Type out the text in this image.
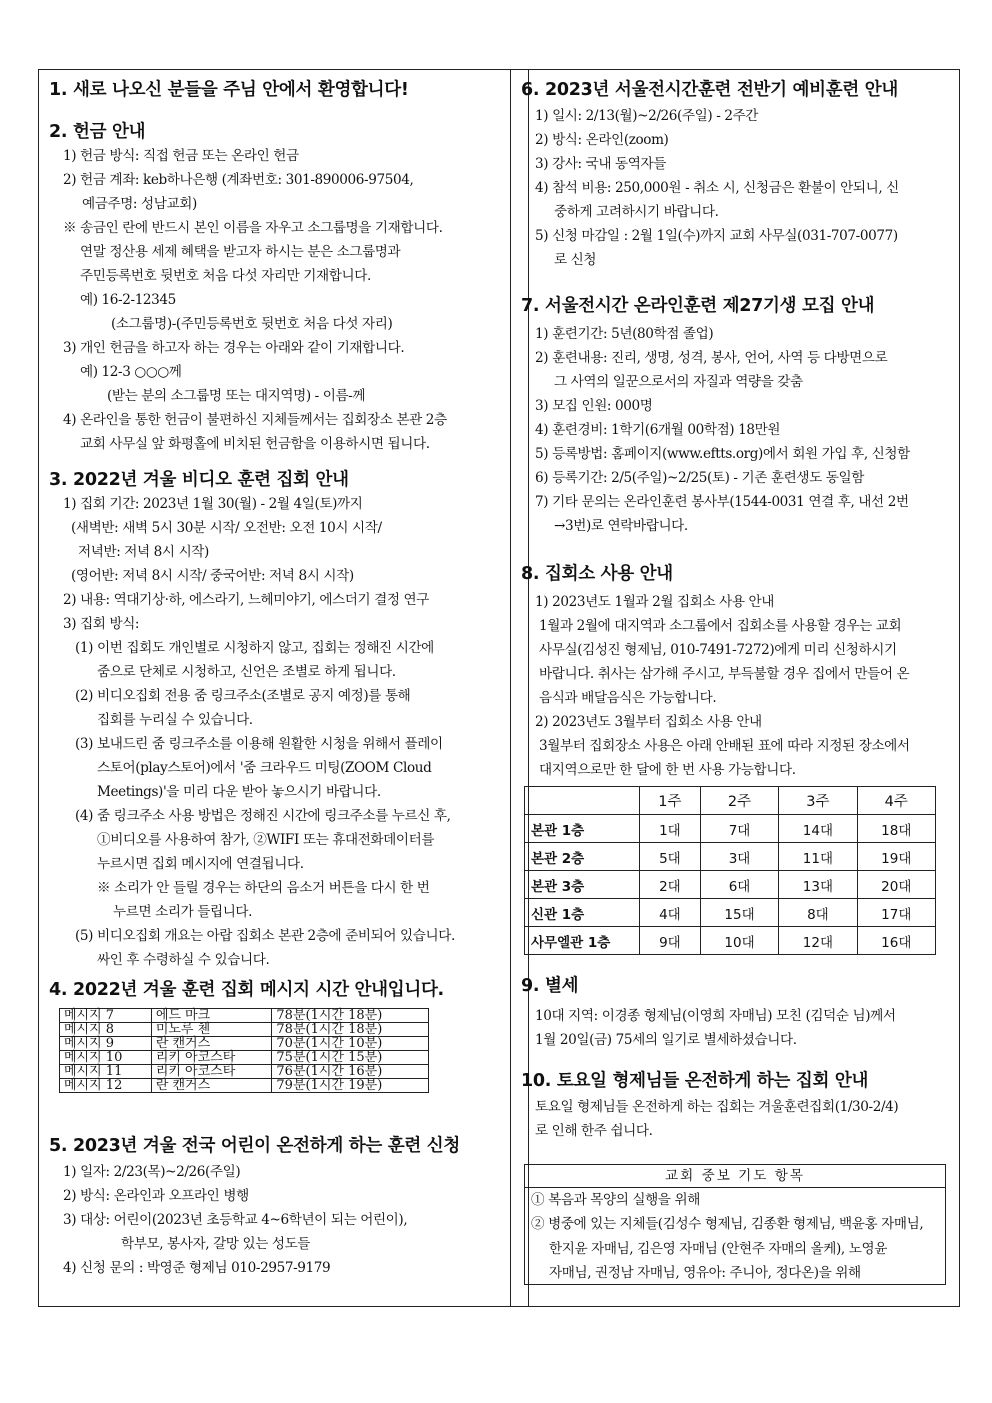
1. 새로 나오신 분들을 주님 안에서 환영합니다!
2. 헌금 안내
1) 헌금 방식: 직접 헌금 또는 온라인 헌금
2) 헌금 계좌: keb하나은행 (계좌번호: 301-890006-97504,
예금주명: 성남교회)
※ 송금인 란에 반드시 본인 이름을 자우고 소그룹명을 기재합니다.
연말 정산용 세제 혜택을 받고자 하시는 분은 소그룹명과
주민등록번호 뒷번호 처음 다섯 자리만 기재합니다.
예) 16-2-12345
(소그룹명)-(주민등록번호 뒷번호 처음 다섯 자리)
3) 개인 헌금을 하고자 하는 경우는 아래와 같이 기재합니다.
예) 12-3 ○○○께
(받는 분의 소그룹명 또는 대지역명) - 이름-께
4) 온라인을 통한 헌금이 불편하신 지체들께서는 집회장소 본관 2층
교회 사무실 앞 화평홀에 비치된 헌금함을 이용하시면 됩니다.
3. 2022년 겨울 비디오 훈련 집회 안내
1) 집회 기간: 2023년 1월 30(월) - 2월 4일(토)까지
(새벽반: 새벽 5시 30분 시작/ 오전반: 오전 10시 시작/
저녁반: 저녁 8시 시작)
(영어반: 저녁 8시 시작/ 중국어반: 저녁 8시 시작)
2) 내용: 역대기상·하, 에스라기, 느헤미야기, 에스더기 결정 연구
3) 집회 방식:
(1) 이번 집회도 개인별로 시청하지 않고, 집회는 정해진 시간에
줌으로 단체로 시청하고, 신언은 조별로 하게 됩니다.
(2) 비디오집회 전용 줌 링크주소(조별로 공지 예정)를 통해
집회를 누리실 수 있습니다.
(3) 보내드린 줌 링크주소를 이용해 원활한 시청을 위해서 플레이
스토어(play스토어)에서 '줌 크라우드 미팅(ZOOM Cloud
Meetings)'을 미리 다운 받아 놓으시기 바랍니다.
(4) 줌 링크주소 사용 방법은 정해진 시간에 링크주소를 누르신 후,
①비디오를 사용하여 참가, ②WIFI 또는 휴대전화데이터를
누르시면 집회 메시지에 연결됩니다.
※ 소리가 안 들릴 경우는 하단의 음소거 버튼을 다시 한 번
누르면 소리가 들립니다.
(5) 비디오집회 개요는 아랍 집회소 본관 2층에 준비되어 있습니다.
싸인 후 수령하실 수 있습니다.
4. 2022년 겨울 훈련 집회 메시지 시간 안내입니다.
메시지 7	에드 마크	78분(1시간 18분)
메시지 8	미노루 첸	78분(1시간 18분)
메시지 9	란 캔거스	70분(1시간 10분)
메시지 10	리키 아코스타	75분(1시간 15분)
메시지 11	리키 아코스타	76분(1시간 16분)
메시지 12	란 캔거스	79분(1시간 19분)
5. 2023년 겨울 전국 어린이 온전하게 하는 훈련 신청
1) 일자: 2/23(목)~2/26(주일)
2) 방식: 온라인과 오프라인 병행
3) 대상: 어린이(2023년 초등학교 4~6학년이 되는 어린이),
학부모, 봉사자, 갈망 있는 성도들
4) 신청 문의 : 박영준 형제님 010-2957-9179
6. 2023년 서울전시간훈련 전반기 예비훈련 안내
1) 일시: 2/13(월)~2/26(주일) - 2주간
2) 방식: 온라인(zoom)
3) 강사: 국내 동역자들
4) 참석 비용: 250,000원 - 취소 시, 신청금은 환불이 안되니, 신
중하게 고려하시기 바랍니다.
5) 신청 마감일 : 2월 1일(수)까지 교회 사무실(031-707-0077)
로 신청
7. 서울전시간 온라인훈련 제27기생 모집 안내
1) 훈련기간: 5년(80학점 졸업)
2) 훈련내용: 진리, 생명, 성격, 봉사, 언어, 사역 등 다방면으로
그 사역의 일꾼으로서의 자질과 역량을 갖춤
3) 모집 인원: 000명
4) 훈련경비: 1학기(6개월 00학점) 18만원
5) 등록방법: 홈페이지(www.eftts.org)에서 회원 가입 후, 신청함
6) 등록기간: 2/5(주일)~2/25(토) - 기존 훈련생도 동일함
7) 기타 문의는 온라인훈련 봉사부(1544-0031 연결 후, 내선 2번
→3번)로 연락바랍니다.
8. 집회소 사용 안내
1) 2023년도 1월과 2월 집회소 사용 안내
1월과 2월에 대지역과 소그룹에서 집회소를 사용할 경우는 교회
사무실(김성진 형제님, 010-7491-7272)에게 미리 신청하시기
바랍니다. 취사는 삼가해 주시고, 부득불할 경우 집에서 만들어 온
음식과 배달음식은 가능합니다.
2) 2023년도 3월부터 집회소 사용 안내
3월부터 집회장소 사용은 아래 안배된 표에 따라 지정된 장소에서
대지역으로만 한 달에 한 번 사용 가능합니다.
	1주	2주	3주	4주
본관 1층	1대	7대	14대	18대
본관 2층	5대	3대	11대	19대
본관 3층	2대	6대	13대	20대
신관 1층	4대	15대	8대	17대
사무엘관 1층	9대	10대	12대	16대
9. 별세
10대 지역: 이경종 형제님(이영희 자매님) 모친 (김덕순 님)께서
1월 20일(금) 75세의 일기로 별세하셨습니다.
10. 토요일 형제님들 온전하게 하는 집회 안내
토요일 형제님들 온전하게 하는 집회는 겨울훈련집회(1/30-2/4)
로 인해 한주 쉽니다.
교회 중보 기도 항목
① 복음과 목양의 실행을 위해
② 병중에 있는 지체들(김성수 형제님, 김종환 형제님, 백윤홍 자매님,
한지윤 자매님, 김은영 자매님 (안현주 자매의 올케), 노영윤
자매님, 권정남 자매님, 영유아: 주니아, 정다온)을 위해
